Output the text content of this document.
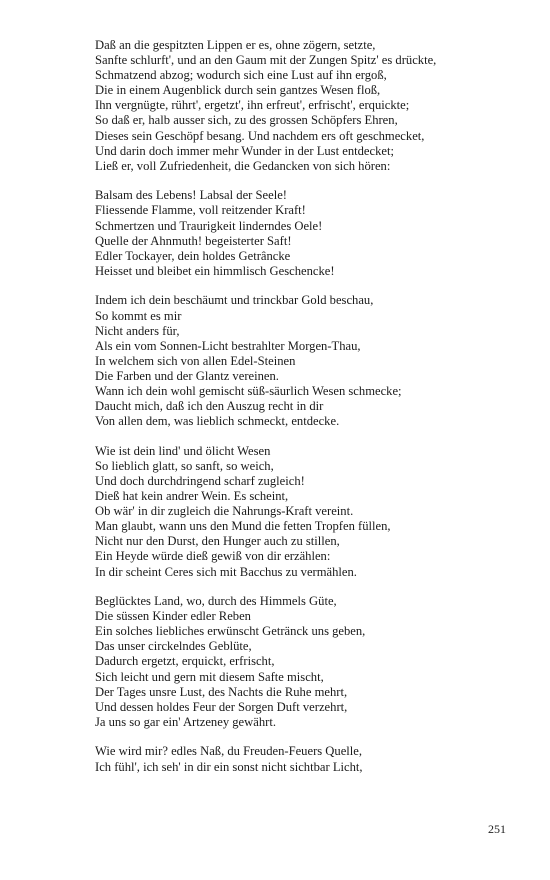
Daß an die gespitzten Lippen er es, ohne zögern, setzte,
Sanfte schlurft', und an den Gaum mit der Zungen Spitz' es drückte,
Schmatzend abzog; wodurch sich eine Lust auf ihn ergoß,
Die in einem Augenblick durch sein gantzes Wesen floß,
Ihn vergnügte, rührt', ergetzt', ihn erfreut', erfrischt', erquickte;
So daß er, halb ausser sich, zu des grossen Schöpfers Ehren,
Dieses sein Geschöpf besang. Und nachdem ers oft geschmecket,
Und darin doch immer mehr Wunder in der Lust entdecket;
Ließ er, voll Zufriedenheit, die Gedancken von sich hören:
Balsam des Lebens! Labsal der Seele!
Fliessende Flamme, voll reitzender Kraft!
Schmertzen und Traurigkeit linderndes Oele!
Quelle der Ahnmuth! begeisterter Saft!
Edler Tockayer, dein holdes Getrâncke
Heisset und bleibet ein himmlisch Geschencke!
Indem ich dein beschäumt und trinckbar Gold beschau,
So kommt es mir
Nicht anders für,
Als ein vom Sonnen-Licht bestrahlter Morgen-Thau,
In welchem sich von allen Edel-Steinen
Die Farben und der Glantz vereinen.
Wann ich dein wohl gemischt süß-säurlich Wesen schmecke;
Daucht mich, daß ich den Auszug recht in dir
Von allen dem, was lieblich schmeckt, entdecke.
Wie ist dein lind' und ölicht Wesen
So lieblich glatt, so sanft, so weich,
Und doch durchdringend scharf zugleich!
Dieß hat kein andrer Wein. Es scheint,
Ob wär' in dir zugleich die Nahrungs-Kraft vereint.
Man glaubt, wann uns den Mund die fetten Tropfen füllen,
Nicht nur den Durst, den Hunger auch zu stillen,
Ein Heyde würde dieß gewiß von dir erzählen:
In dir scheint Ceres sich mit Bacchus zu vermählen.
Beglücktes Land, wo, durch des Himmels Güte,
Die süssen Kinder edler Reben
Ein solches liebliches erwünscht Getränck uns geben,
Das unser circkelndes Geblüte,
Dadurch ergetzt, erquickt, erfrischt,
Sich leicht und gern mit diesem Safte mischt,
Der Tages unsre Lust, des Nachts die Ruhe mehrt,
Und dessen holdes Feur der Sorgen Duft verzehrt,
Ja uns so gar ein' Artzeney gewährt.
Wie wird mir? edles Naß, du Freuden-Feuers Quelle,
Ich fühl', ich seh' in dir ein sonst nicht sichtbar Licht,
251
